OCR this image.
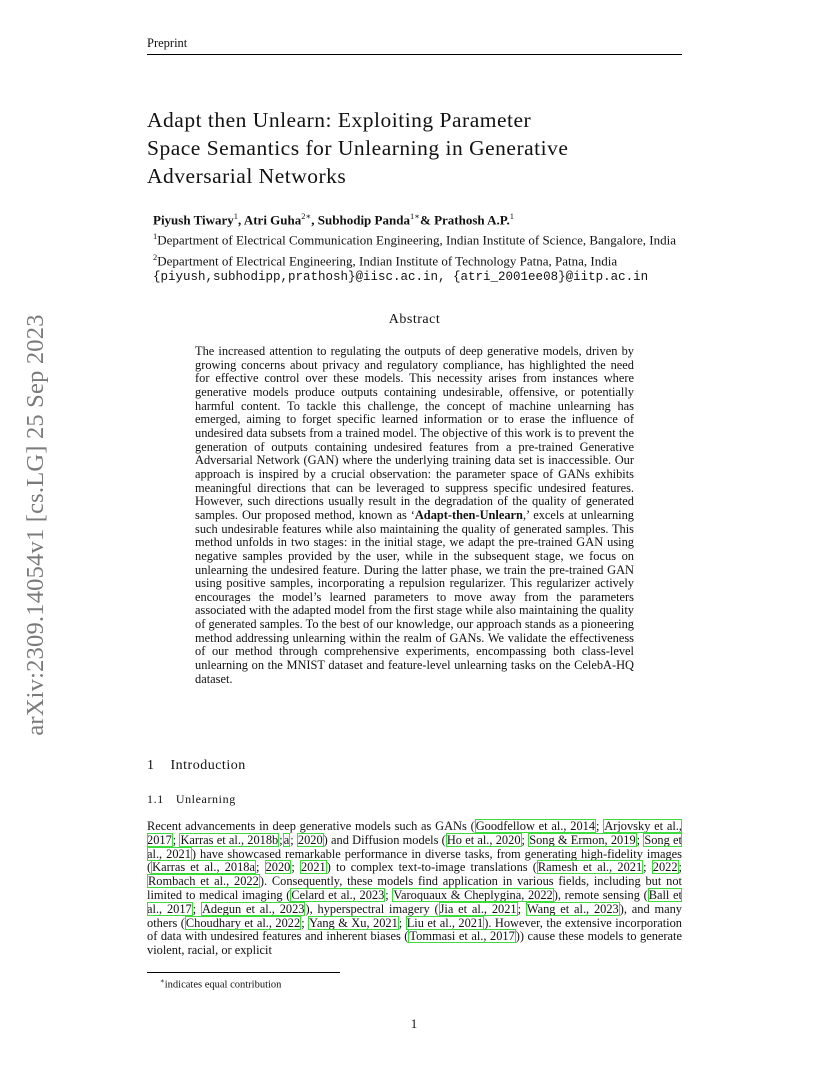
Preprint
arXiv:2309.14054v1 [cs.LG] 25 Sep 2023
Adapt then Unlearn: Exploiting Parameter
Space Semantics for Unlearning in Generative
Adversarial Networks
Piyush Tiwary$^1$, Atri Guha$^{2∗}$, Subhodip Panda$^{1∗}$& Prathosh A.P.$^1$
$^1$Department of Electrical Communication Engineering, Indian Institute of Science, Bangalore, India
$^2$Department of Electrical Engineering, Indian Institute of Technology Patna, Patna, India
{piyush,subhodipp,prathosh}@iisc.ac.in, {atri_2001ee08}@iitp.ac.in
Abstract
The increased attention to regulating the outputs of deep generative models, driven by growing concerns about privacy and regulatory compliance, has highlighted the need for effective control over these models. This necessity arises from instances where generative models produce outputs containing undesirable, offensive, or potentially harmful content. To tackle this challenge, the concept of machine unlearning has emerged, aiming to forget specific learned information or to erase the influence of undesired data subsets from a trained model. The objective of this work is to prevent the generation of outputs containing undesired features from a pre-trained Generative Adversarial Network (GAN) where the underlying training data set is inaccessible. Our approach is inspired by a crucial observation: the parameter space of GANs exhibits meaningful directions that can be leveraged to suppress specific undesired features. However, such directions usually result in the degradation of the quality of generated samples. Our proposed method, known as ‘Adapt-then-Unlearn,’ excels at unlearning such undesirable features while also maintaining the quality of generated samples. This method unfolds in two stages: in the initial stage, we adapt the pre-trained GAN using negative samples provided by the user, while in the subsequent stage, we focus on unlearning the undesired feature. During the latter phase, we train the pre-trained GAN using positive samples, incorporating a repulsion regularizer. This regularizer actively encourages the model’s learned parameters to move away from the parameters associated with the adapted model from the first stage while also maintaining the quality of generated samples. To the best of our knowledge, our approach stands as a pioneering method addressing unlearning within the realm of GANs. We validate the effectiveness of our method through comprehensive experiments, encompassing both class-level unlearning on the MNIST dataset and feature-level unlearning tasks on the CelebA-HQ dataset.
1 Introduction
1.1 Unlearning
Recent advancements in deep generative models such as GANs (Goodfellow et al., 2014; Arjovsky et al., 2017; Karras et al., 2018b;a; 2020) and Diffusion models (Ho et al., 2020; Song & Ermon, 2019; Song et al., 2021) have showcased remarkable performance in diverse tasks, from generating high-fidelity images (Karras et al., 2018a; 2020; 2021) to complex text-to-image translations (Ramesh et al., 2021; 2022; Rombach et al., 2022). Consequently, these models find application in various fields, including but not limited to medical imaging (Celard et al., 2023; Varoquaux & Cheplygina, 2022), remote sensing (Ball et al., 2017; Adegun et al., 2023), hyperspectral imagery (Jia et al., 2021; Wang et al., 2023), and many others (Choudhary et al., 2022; Yang & Xu, 2021; Liu et al., 2021). However, the extensive incorporation of data with undesired features and inherent biases (Tommasi et al., 2017)) cause these models to generate violent, racial, or explicit
∗indicates equal contribution
1
